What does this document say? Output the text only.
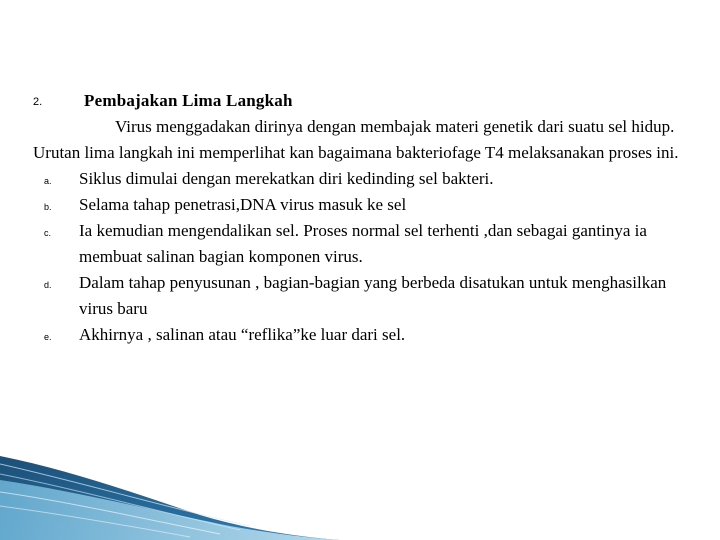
2. Pembajakan Lima Langkah

Virus menggadakan dirinya dengan membajak materi genetik dari suatu sel hidup. Urutan lima langkah ini memperlihat kan bagaimana bakteriofage T4 melaksanakan proses ini.

a. Siklus dimulai dengan merekatkan diri kedinding sel bakteri.
b. Selama tahap penetrasi,DNA virus masuk ke sel
c. Ia kemudian mengendalikan sel. Proses normal sel terhenti ,dan sebagai gantinya ia membuat salinan bagian komponen virus.
d. Dalam tahap penyusunan , bagian-bagian yang berbeda disatukan untuk menghasilkan virus baru
e. Akhirnya , salinan atau “reflika”ke luar dari sel.
